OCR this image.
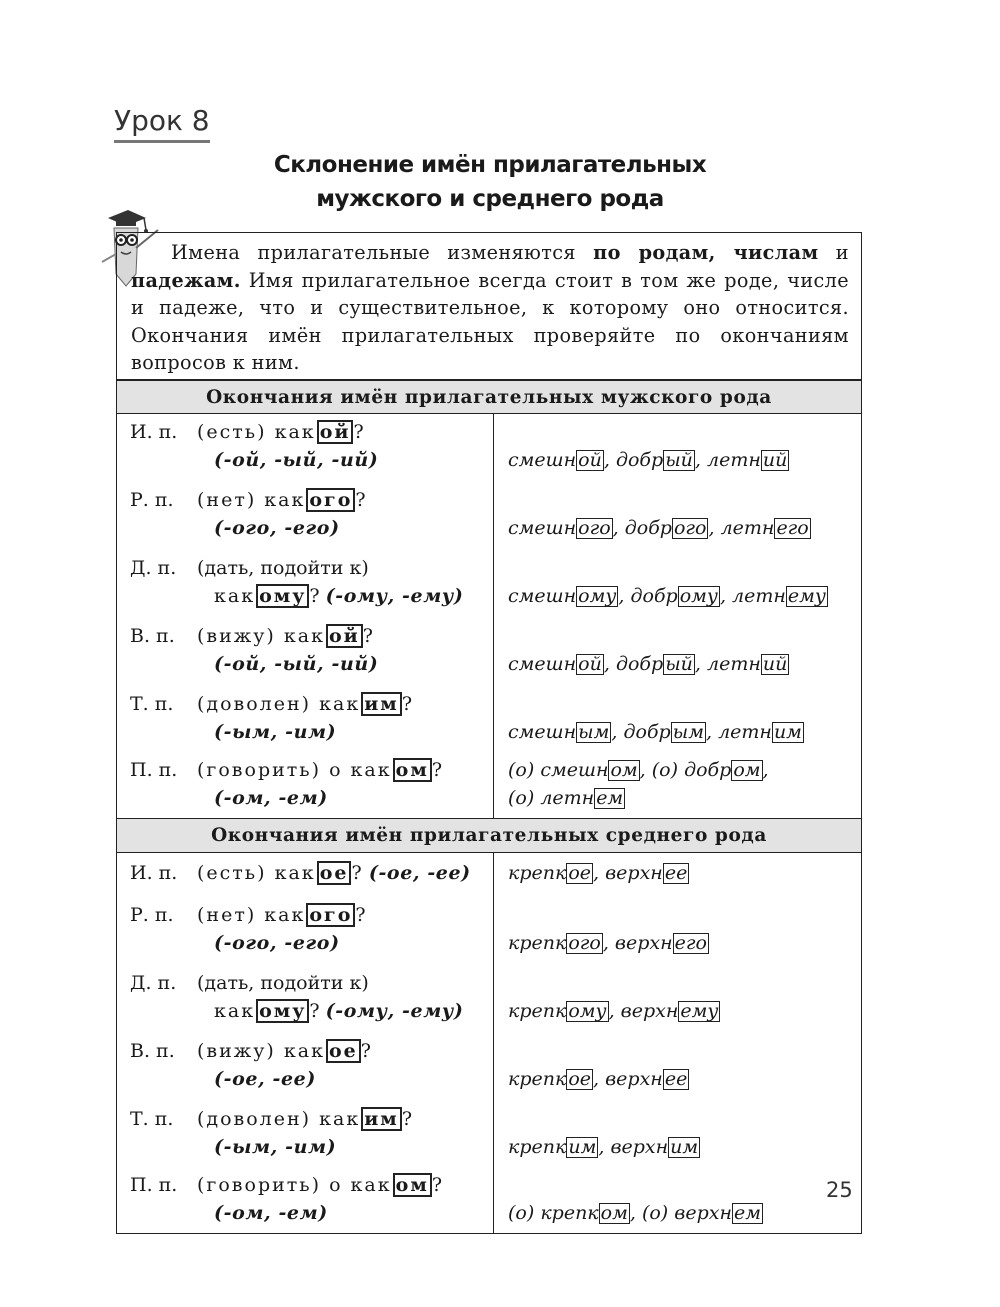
Урок 8
Склонение имён прилагательных
мужского и среднего рода
Имена прилагательные изменяются по родам, числам и падежам. Имя прилагательное всегда стоит в том же роде, числе и падеже, что и существительное, к которому оно относится. Окончания имён прилагательных проверяйте по окончаниям вопросов к ним.
Окончания имён прилагательных мужского рода
И. п. (есть) как ой ?
(-ой, -ый, -ий)
Р. п. (нет) как ого ?
(-ого, -его)
Д. п. (дать, подойти к)
как ому ? (-ому, -ему)
В. п. (вижу) как ой ?
(-ой, -ый, -ий)
Т. п. (доволен) как им ?
(-ым, -им)
П. п. (говорить) о как ом ?
(-ом, -ем)
смешн ой , добр ый , летн ий
смешн ого , добр ого , летн его
смешн ому , добр ому , летн ему
смешн ой , добр ый , летн ий
смешн ым , добр ым , летн им
(о) смешн ом , (о) добр ом ,
(о) летн ем
Окончания имён прилагательных среднего рода
И. п. (есть) как ое ? (-ое, -ее)
Р. п. (нет) как ого ?
(-ого, -его)
Д. п. (дать, подойти к)
как ому ? (-ому, -ему)
В. п. (вижу) как ое ?
(-ое, -ее)
Т. п. (доволен) как им ?
(-ым, -им)
П. п. (говорить) о как ом ?
(-ом, -ем)
крепк ое , верхн ее
крепк ого , верхн его
крепк ому , верхн ему
крепк ое , верхн ее
крепк им , верхн им
(о) крепк ом , (о) верхн ем
25
